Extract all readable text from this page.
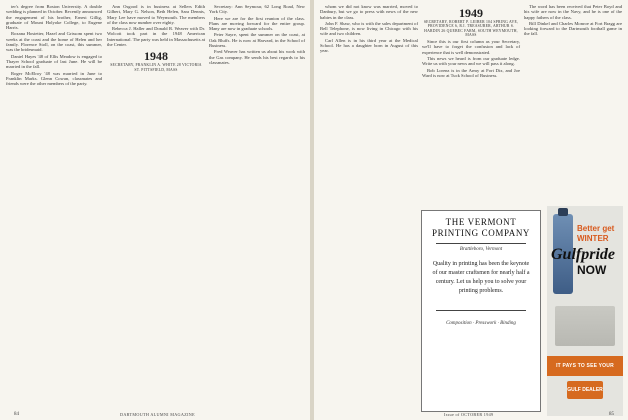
ter's degree from Boston University. A double wedding is planned in October. Recently announced the engagement of his brother, Ernest Gillig, graduate of Mount Holyoke College, to Eugene Harris.

Roxana Hostetter, Hazel and Grissom spent two weeks at the coast and the home of Helen and her family. Florence Stoll, on the coast, this summer, was the bridesmaid.

Daniel Hayes '48 of Ellis Meadow is engaged to Thayer School graduate of last June. He will be married in the fall.

Roger McElroy '48 was married in June to Franklin Marks. Glenn Cowan, classmates and friends were the other members of the party.

Ann Osgood is in business at Sellers Edith Gilbert, Mary G. Nelson, Beth Helen, Sara Dennis, Mary Lee have moved to Weymouth. The members of the class now number over eighty.

Rebecca J. Haller and Donald R. Weaver with Dr. Wolcott took part in the 1948 American International. The party was held in Massachusetts at the Center.

1948
SECRETARY, FRANKLIN A. WHITE 28 VICTORIA ST. PITTSFIELD, MASS

Secretary: Ann Seymour, 62 Long Road, New York City.

Here we are for the first reunion of the class. Plans are moving forward for the entire group. Many are now in graduate schools.

Peter Sayre, spent the summer on the coast, at Oak Bluffs. He is now at Harvard, in the School of Business.

Fred Weaver has written us about his work with the Gas company. He sends his best regards to his classmates.

84	DARTMOUTH ALUMNI MAGAZINE

whom we did not know was married, moved to Danbury, but we go to press with news of the new babies in the class.

John F. Shaw, who is with the sales department of Bell Telephone, is now living in Chicago with his wife and two children.

Carl Allen is in his third year at the Medical School. He has a daughter born in August of this year.

1949
SECRETARY, ROBERT P. LEIBER 104 SPRING AVE, PROVIDENCE 6, R.I. TREASURER, ARTHUR S. HARDIN 26 QUEBEC FARM, SOUTH WEYMOUTH, MASS

Since this is our first column as your Secretary, we'll have to forget the confusion and lack of experience that is well demonstrated.

This news we heard is from our graduate ledge. Write us with your news and we will pass it along.

Bob Lorenz is in the Army at Fort Dix, and Joe Ward is now at Tuck School of Business.

The word has been received that Peter Boyd and his wife are now in the Navy, and he is one of the happy fathers of the class.

Bill Dinkel and Charles Monroe at Fort Bragg are looking forward to the Dartmouth football game in the fall.

THE VERMONT
PRINTING COMPANY
Brattleboro, Vermont
Quality in printing has been the keynote of our master craftsmen for nearly half a century. Let us help you to solve your printing problems.
Composition · Presswork · Binding
Better get
WINTER
Gulfpride
NOW
IT PAYS TO SEE YOUR
GULF DEALER
Issue of OCTOBER 1949	85
